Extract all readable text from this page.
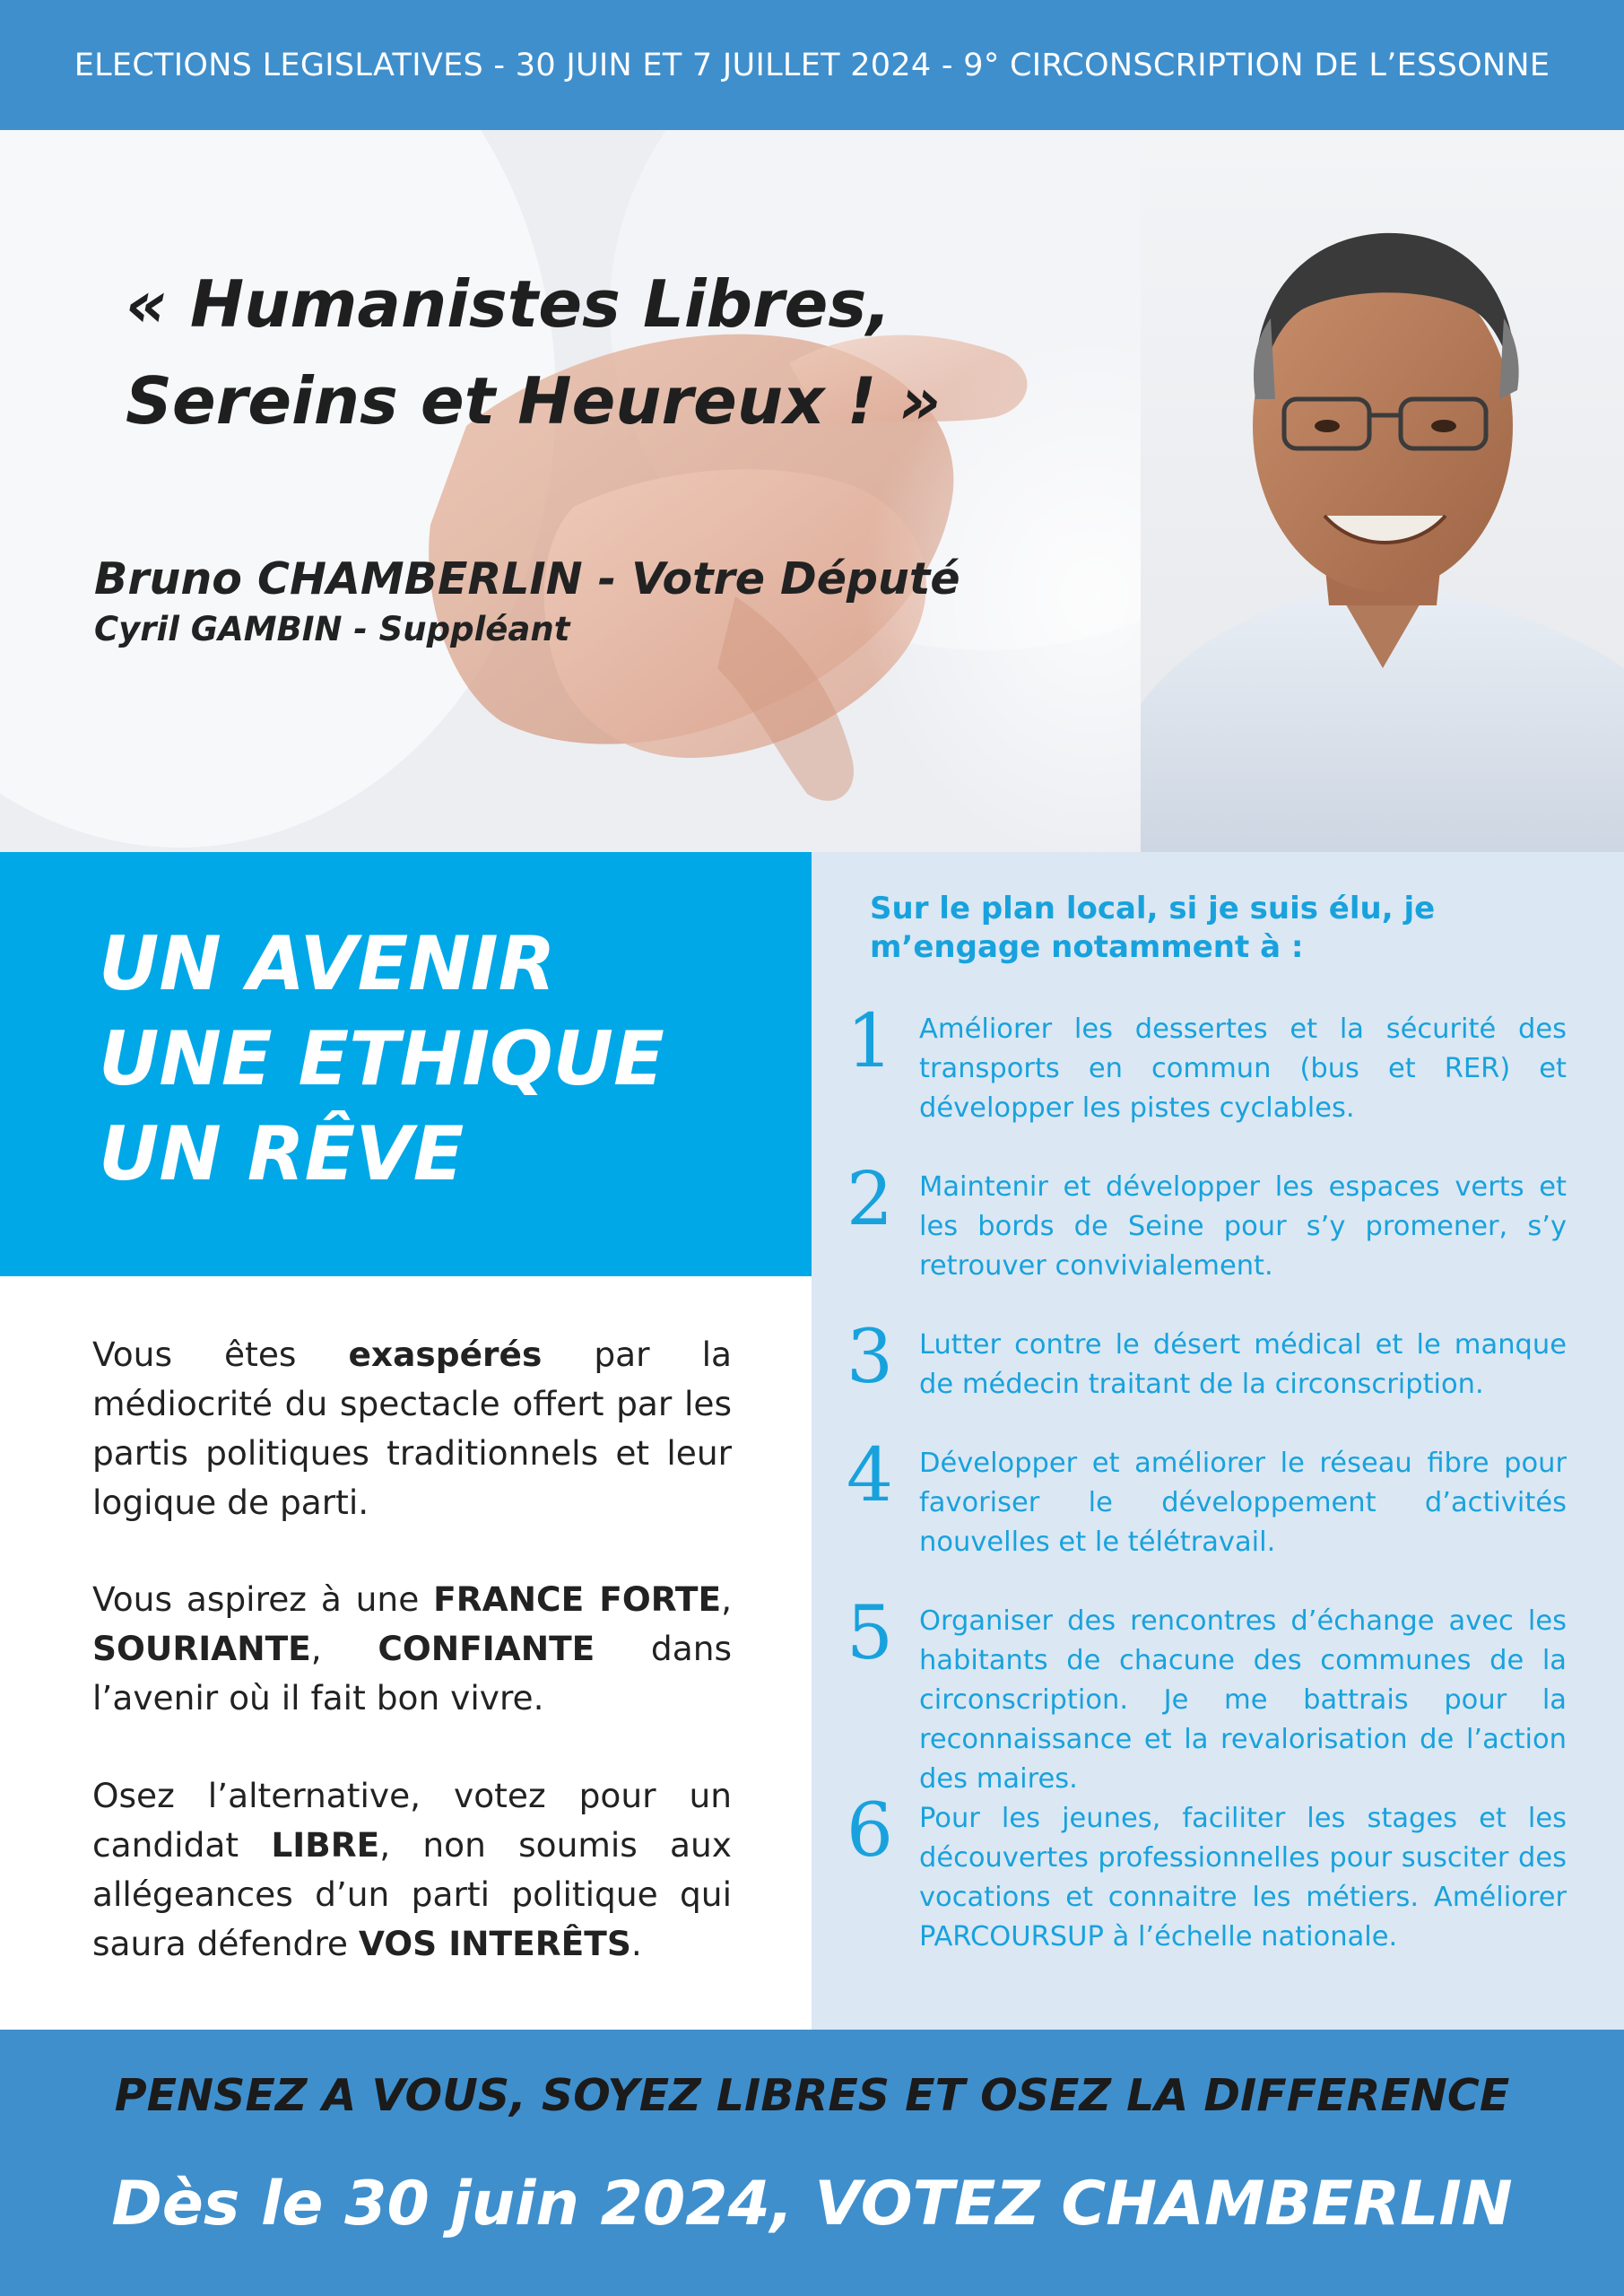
ELECTIONS LEGISLATIVES - 30 JUIN ET 7 JUILLET 2024 - 9° CIRCONSCRIPTION DE L’ESSONNE
« Humanistes Libres,
Sereins et Heureux ! »
Bruno CHAMBERLIN - Votre Député
Cyril GAMBIN - Suppléant
UN AVENIR
UNE ETHIQUE
UN RÊVE
Vous êtes exaspérés par la médiocrité du spectacle offert par les partis politiques traditionnels et leur logique de parti.
Vous aspirez à une FRANCE FORTE, SOURIANTE, CONFIANTE dans l’avenir où il fait bon vivre.
Osez l’alternative, votez pour un candidat LIBRE, non soumis aux allégeances d’un parti politique qui saura défendre VOS INTERÊTS.
Sur le plan local, si je suis élu, je m’engage notamment à :
1 Améliorer les dessertes et la sécurité des transports en commun (bus et RER) et développer les pistes cyclables.
2 Maintenir et développer les espaces verts et les bords de Seine pour s’y promener, s’y retrouver convivialement.
3 Lutter contre le désert médical et le manque de médecin traitant de la circonscription.
4 Développer et améliorer le réseau fibre pour favoriser le développement d’activités nouvelles et le télétravail.
5 Organiser des rencontres d’échange avec les habitants de chacune des communes de la circonscription. Je me battrais pour la reconnaissance et la revalorisation de l’action des maires.
6 Pour les jeunes, faciliter les stages et les découvertes professionnelles pour susciter des vocations et connaitre les métiers. Améliorer PARCOURSUP à l’échelle nationale.
PENSEZ A VOUS, SOYEZ LIBRES ET OSEZ LA DIFFERENCE
Dès le 30 juin 2024, VOTEZ CHAMBERLIN
